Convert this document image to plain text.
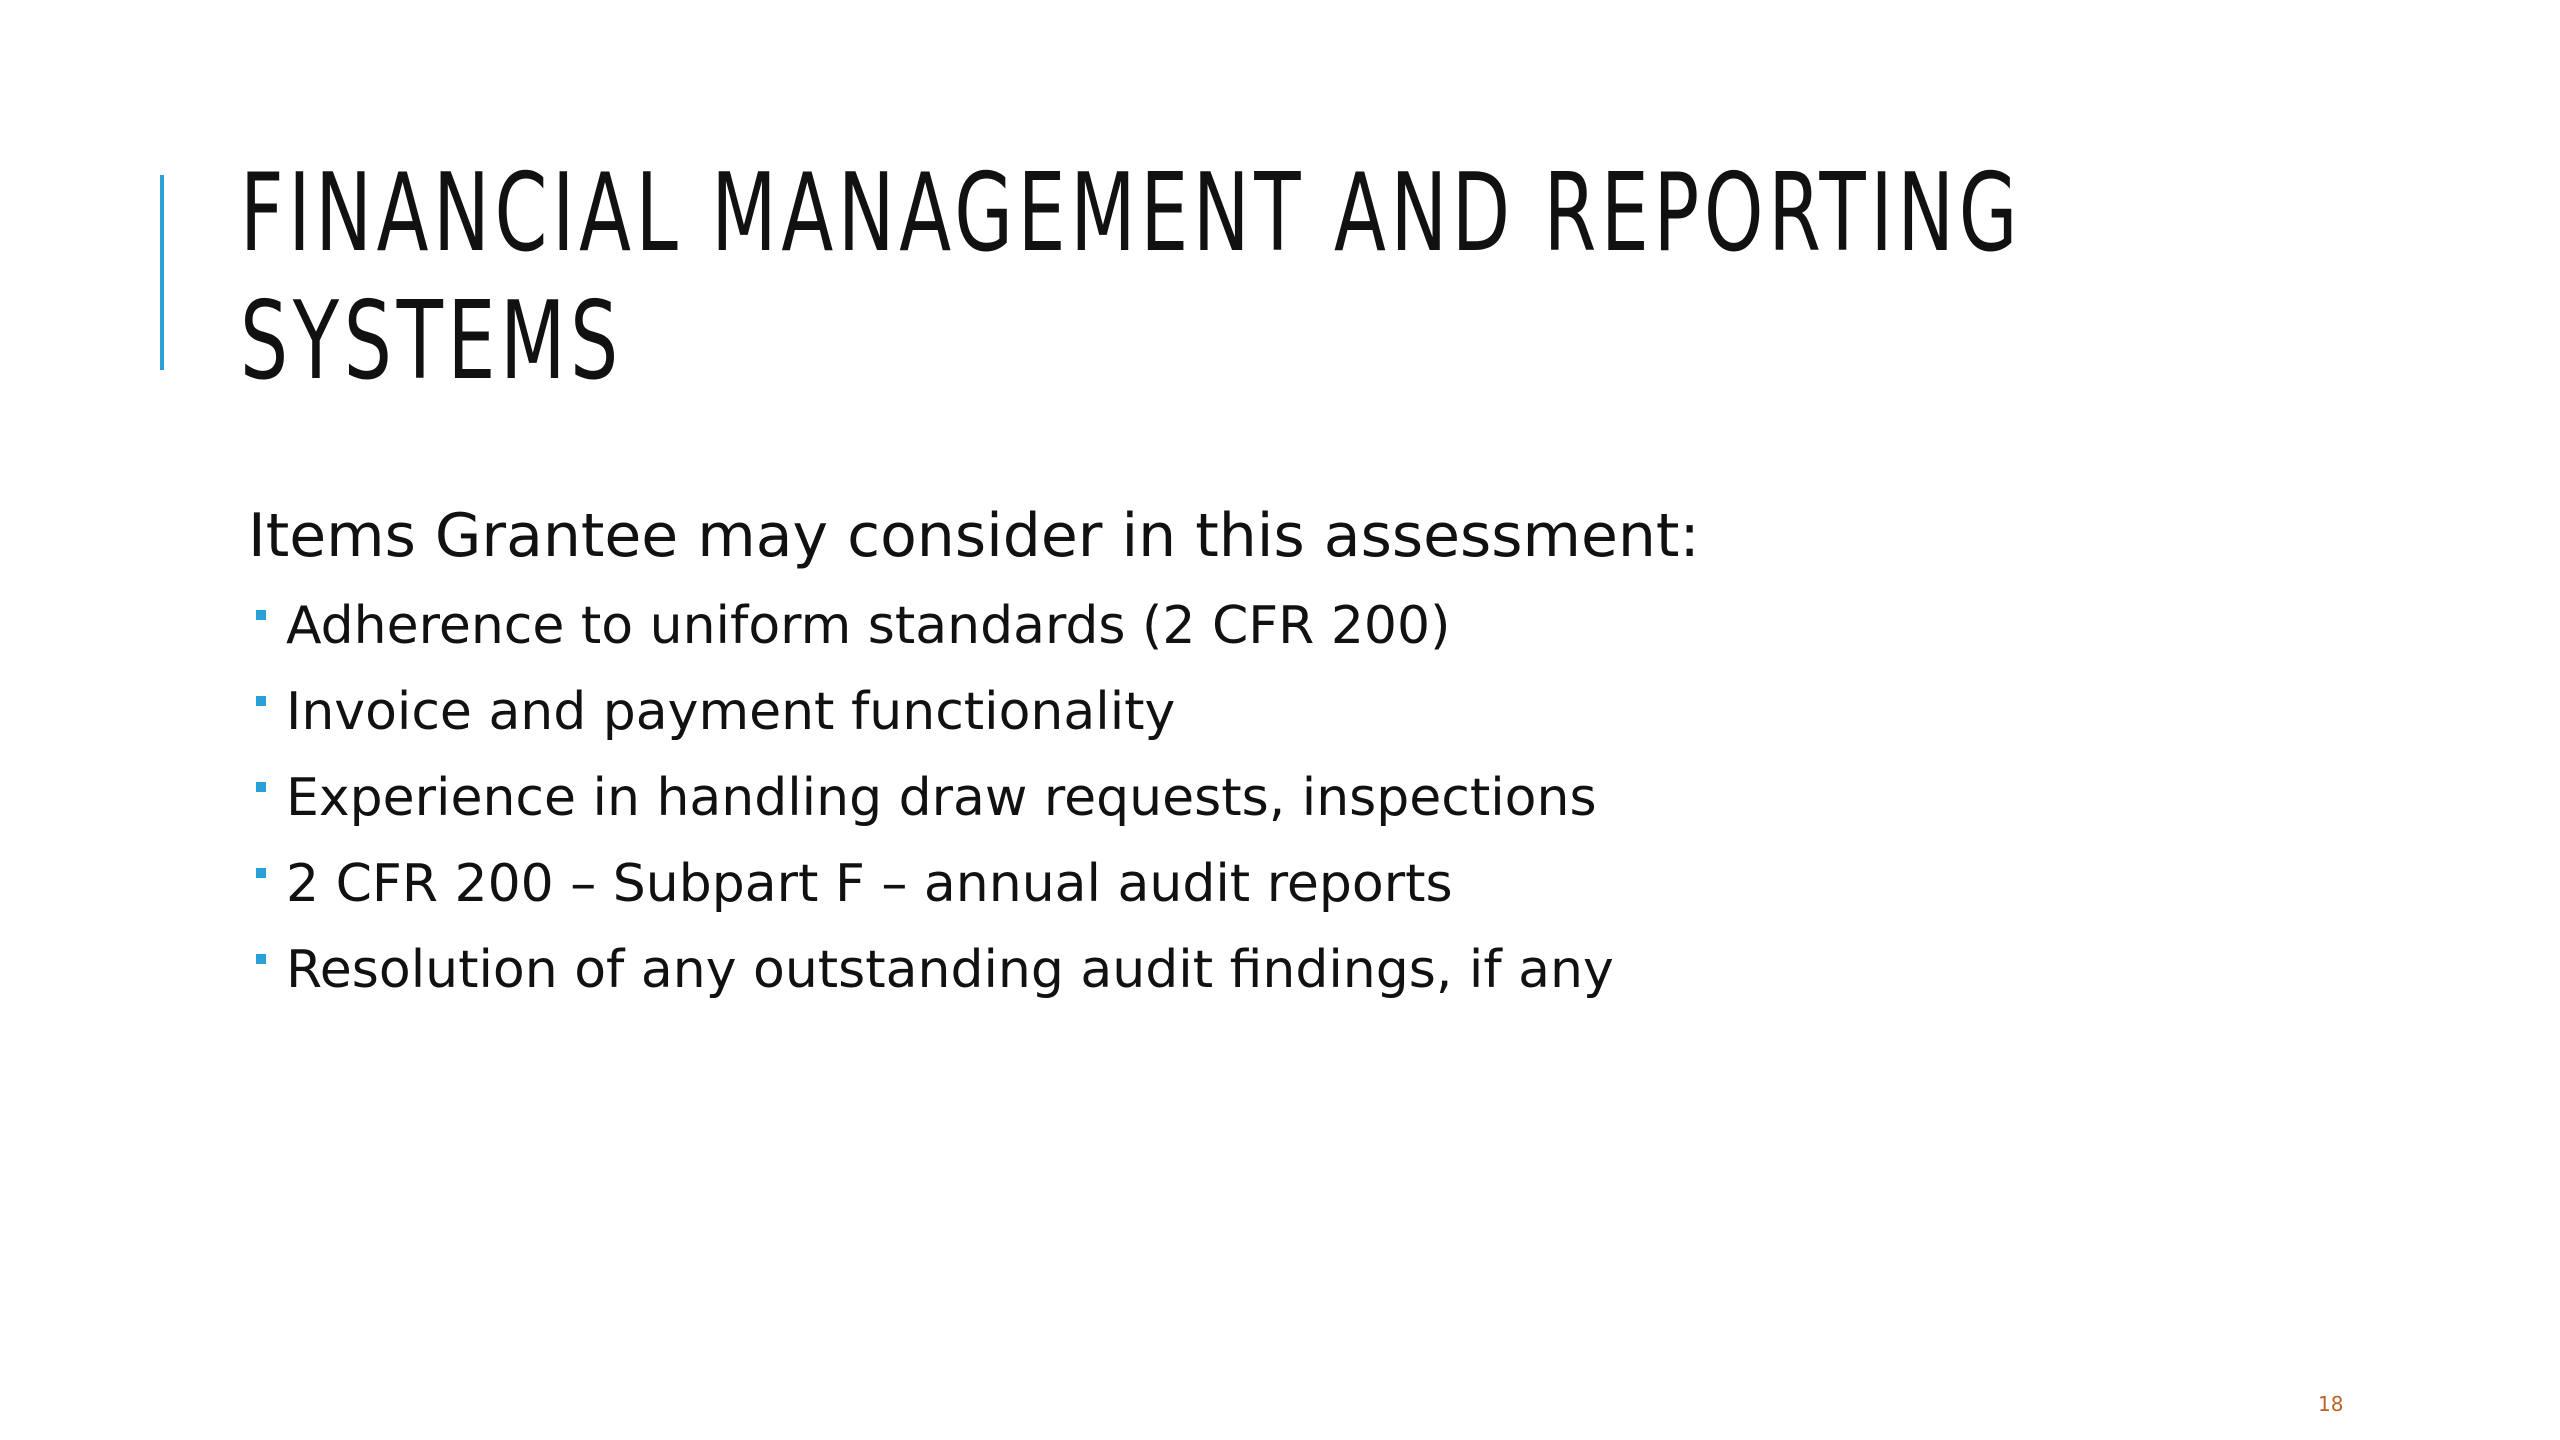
FINANCIAL MANAGEMENT AND REPORTING
SYSTEMS

Items Grantee may consider in this assessment:

Adherence to uniform standards (2 CFR 200)
Invoice and payment functionality
Experience in handling draw requests, inspections
2 CFR 200 – Subpart F – annual audit reports
Resolution of any outstanding audit findings, if any
18
